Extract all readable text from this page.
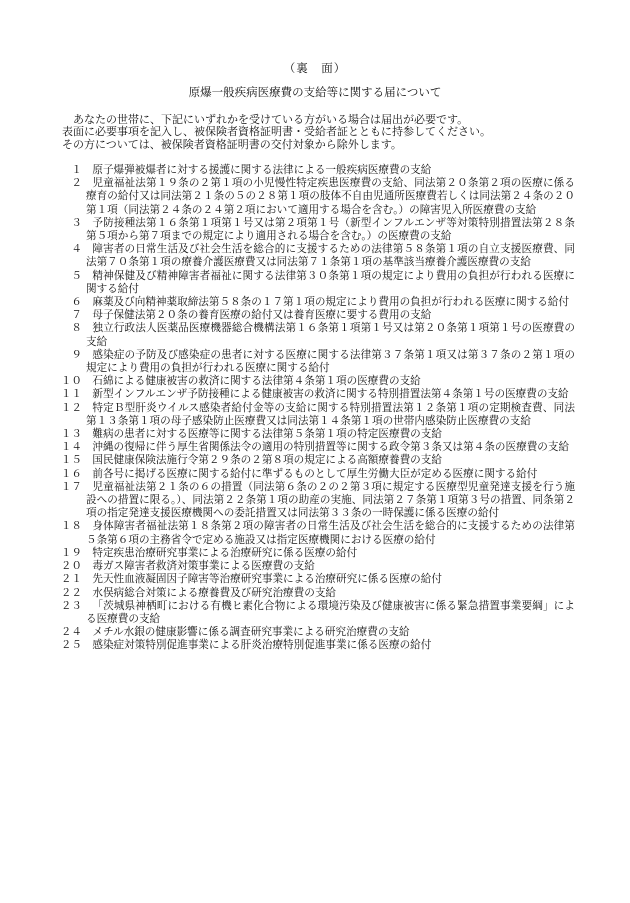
（裏　面）
原爆一般疾病医療費の支給等に関する届について
　あなたの世帯に、下記にいずれかを受けている方がいる場合は届出が必要です。
表面に必要事項を記入し、被保険者資格証明書・受給者証とともに持参してください。
その方については、被保険者資格証明書の交付対象から除外します。
１ 原子爆弾被爆者に対する援護に関する法律による一般疾病医療費の支給
２ 児童福祉法第１９条の２第１項の小児慢性特定疾患医療費の支給、同法第２０条第２項の医療に係る療育の給付又は同法第２１条の５の２８第１項の肢体不自由児通所医療費若しくは同法第２４条の２０第１項（同法第２４条の２４第２項において適用する場合を含む。）の障害児入所医療費の支給
３ 予防接種法第１６条第１項第１号又は第２項第１号（新型インフルエンザ等対策特別措置法第２８条第５項から第７項までの規定により適用される場合を含む。）の医療費の支給
４ 障害者の日常生活及び社会生活を総合的に支援するための法律第５８条第１項の自立支援医療費、同法第７０条第１項の療養介護医療費又は同法第７１条第１項の基準該当療養介護医療費の支給
５ 精神保健及び精神障害者福祉に関する法律第３０条第１項の規定により費用の負担が行われる医療に関する給付
６ 麻薬及び向精神薬取締法第５８条の１７第１項の規定により費用の負担が行われる医療に関する給付
７ 母子保健法第２０条の養育医療の給付又は養育医療に要する費用の支給
８ 独立行政法人医薬品医療機器総合機構法第１６条第１項第１号又は第２０条第１項第１号の医療費の支給
９ 感染症の予防及び感染症の患者に対する医療に関する法律第３７条第１項又は第３７条の２第１項の規定により費用の負担が行われる医療に関する給付
１０ 石綿による健康被害の救済に関する法律第４条第１項の医療費の支給
１１ 新型インフルエンザ予防接種による健康被害の救済に関する特別措置法第４条第１号の医療費の支給
１２ 特定Ｂ型肝炎ウイルス感染者給付金等の支給に関する特別措置法第１２条第１項の定期検査費、同法第１３条第１項の母子感染防止医療費又は同法第１４条第１項の世帯内感染防止医療費の支給
１３ 難病の患者に対する医療等に関する法律第５条第１項の特定医療費の支給
１４ 沖縄の復帰に伴う厚生省関係法令の適用の特別措置等に関する政令第３条又は第４条の医療費の支給
１５ 国民健康保険法施行令第２９条の２第８項の規定による高額療養費の支給
１６ 前各号に掲げる医療に関する給付に準ずるものとして厚生労働大臣が定める医療に関する給付
１７ 児童福祉法第２１条の６の措置（同法第６条の２の２第３項に規定する医療型児童発達支援を行う施設への措置に限る。）、同法第２２条第１項の助産の実施、同法第２７条第１項第３号の措置、同条第２項の指定発達支援医療機関への委託措置又は同法第３３条の一時保護に係る医療の給付
１８ 身体障害者福祉法第１８条第２項の障害者の日常生活及び社会生活を総合的に支援するための法律第５条第６項の主務省令で定める施設又は指定医療機関における医療の給付
１９ 特定疾患治療研究事業による治療研究に係る医療の給付
２０ 毒ガス障害者救済対策事業による医療費の支給
２１ 先天性血液凝固因子障害等治療研究事業による治療研究に係る医療の給付
２２ 水俣病総合対策による療養費及び研究治療費の支給
２３ 「茨城県神栖町における有機ヒ素化合物による環境汚染及び健康被害に係る緊急措置事業要綱」による医療費の支給
２４ メチル水銀の健康影響に係る調査研究事業による研究治療費の支給
２５ 感染症対策特別促進事業による肝炎治療特別促進事業に係る医療の給付
